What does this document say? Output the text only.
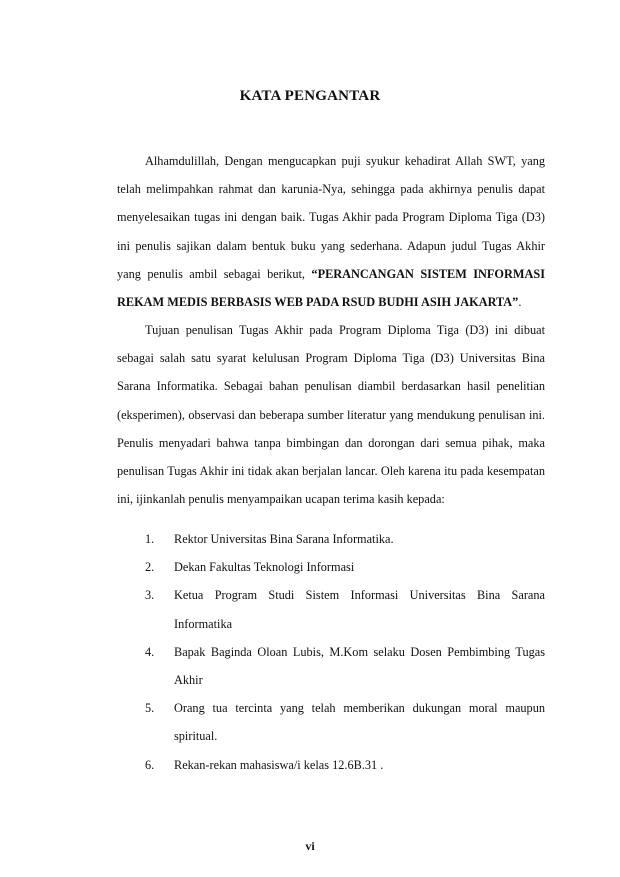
KATA PENGANTAR

Alhamdulillah, Dengan mengucapkan puji syukur kehadirat Allah SWT, yang telah melimpahkan rahmat dan karunia-Nya, sehingga pada akhirnya penulis dapat menyelesaikan tugas ini dengan baik. Tugas Akhir pada Program Diploma Tiga (D3) ini penulis sajikan dalam bentuk buku yang sederhana. Adapun judul Tugas Akhir yang penulis ambil sebagai berikut, “PERANCANGAN SISTEM INFORMASI REKAM MEDIS BERBASIS WEB PADA RSUD BUDHI ASIH JAKARTA”.

Tujuan penulisan Tugas Akhir pada Program Diploma Tiga (D3) ini dibuat sebagai salah satu syarat kelulusan Program Diploma Tiga (D3) Universitas Bina Sarana Informatika. Sebagai bahan penulisan diambil berdasarkan hasil penelitian (eksperimen), observasi dan beberapa sumber literatur yang mendukung penulisan ini. Penulis menyadari bahwa tanpa bimbingan dan dorongan dari semua pihak, maka penulisan Tugas Akhir ini tidak akan berjalan lancar. Oleh karena itu pada kesempatan ini, ijinkanlah penulis menyampaikan ucapan terima kasih kepada:

1. Rektor Universitas Bina Sarana Informatika.
2. Dekan Fakultas Teknologi Informasi
3. Ketua Program Studi Sistem Informasi Universitas Bina Sarana Informatika
4. Bapak Baginda Oloan Lubis, M.Kom selaku Dosen Pembimbing Tugas Akhir
5. Orang tua tercinta yang telah memberikan dukungan moral maupun spiritual.
6. Rekan-rekan mahasiswa/i kelas 12.6B.31 .
vi
